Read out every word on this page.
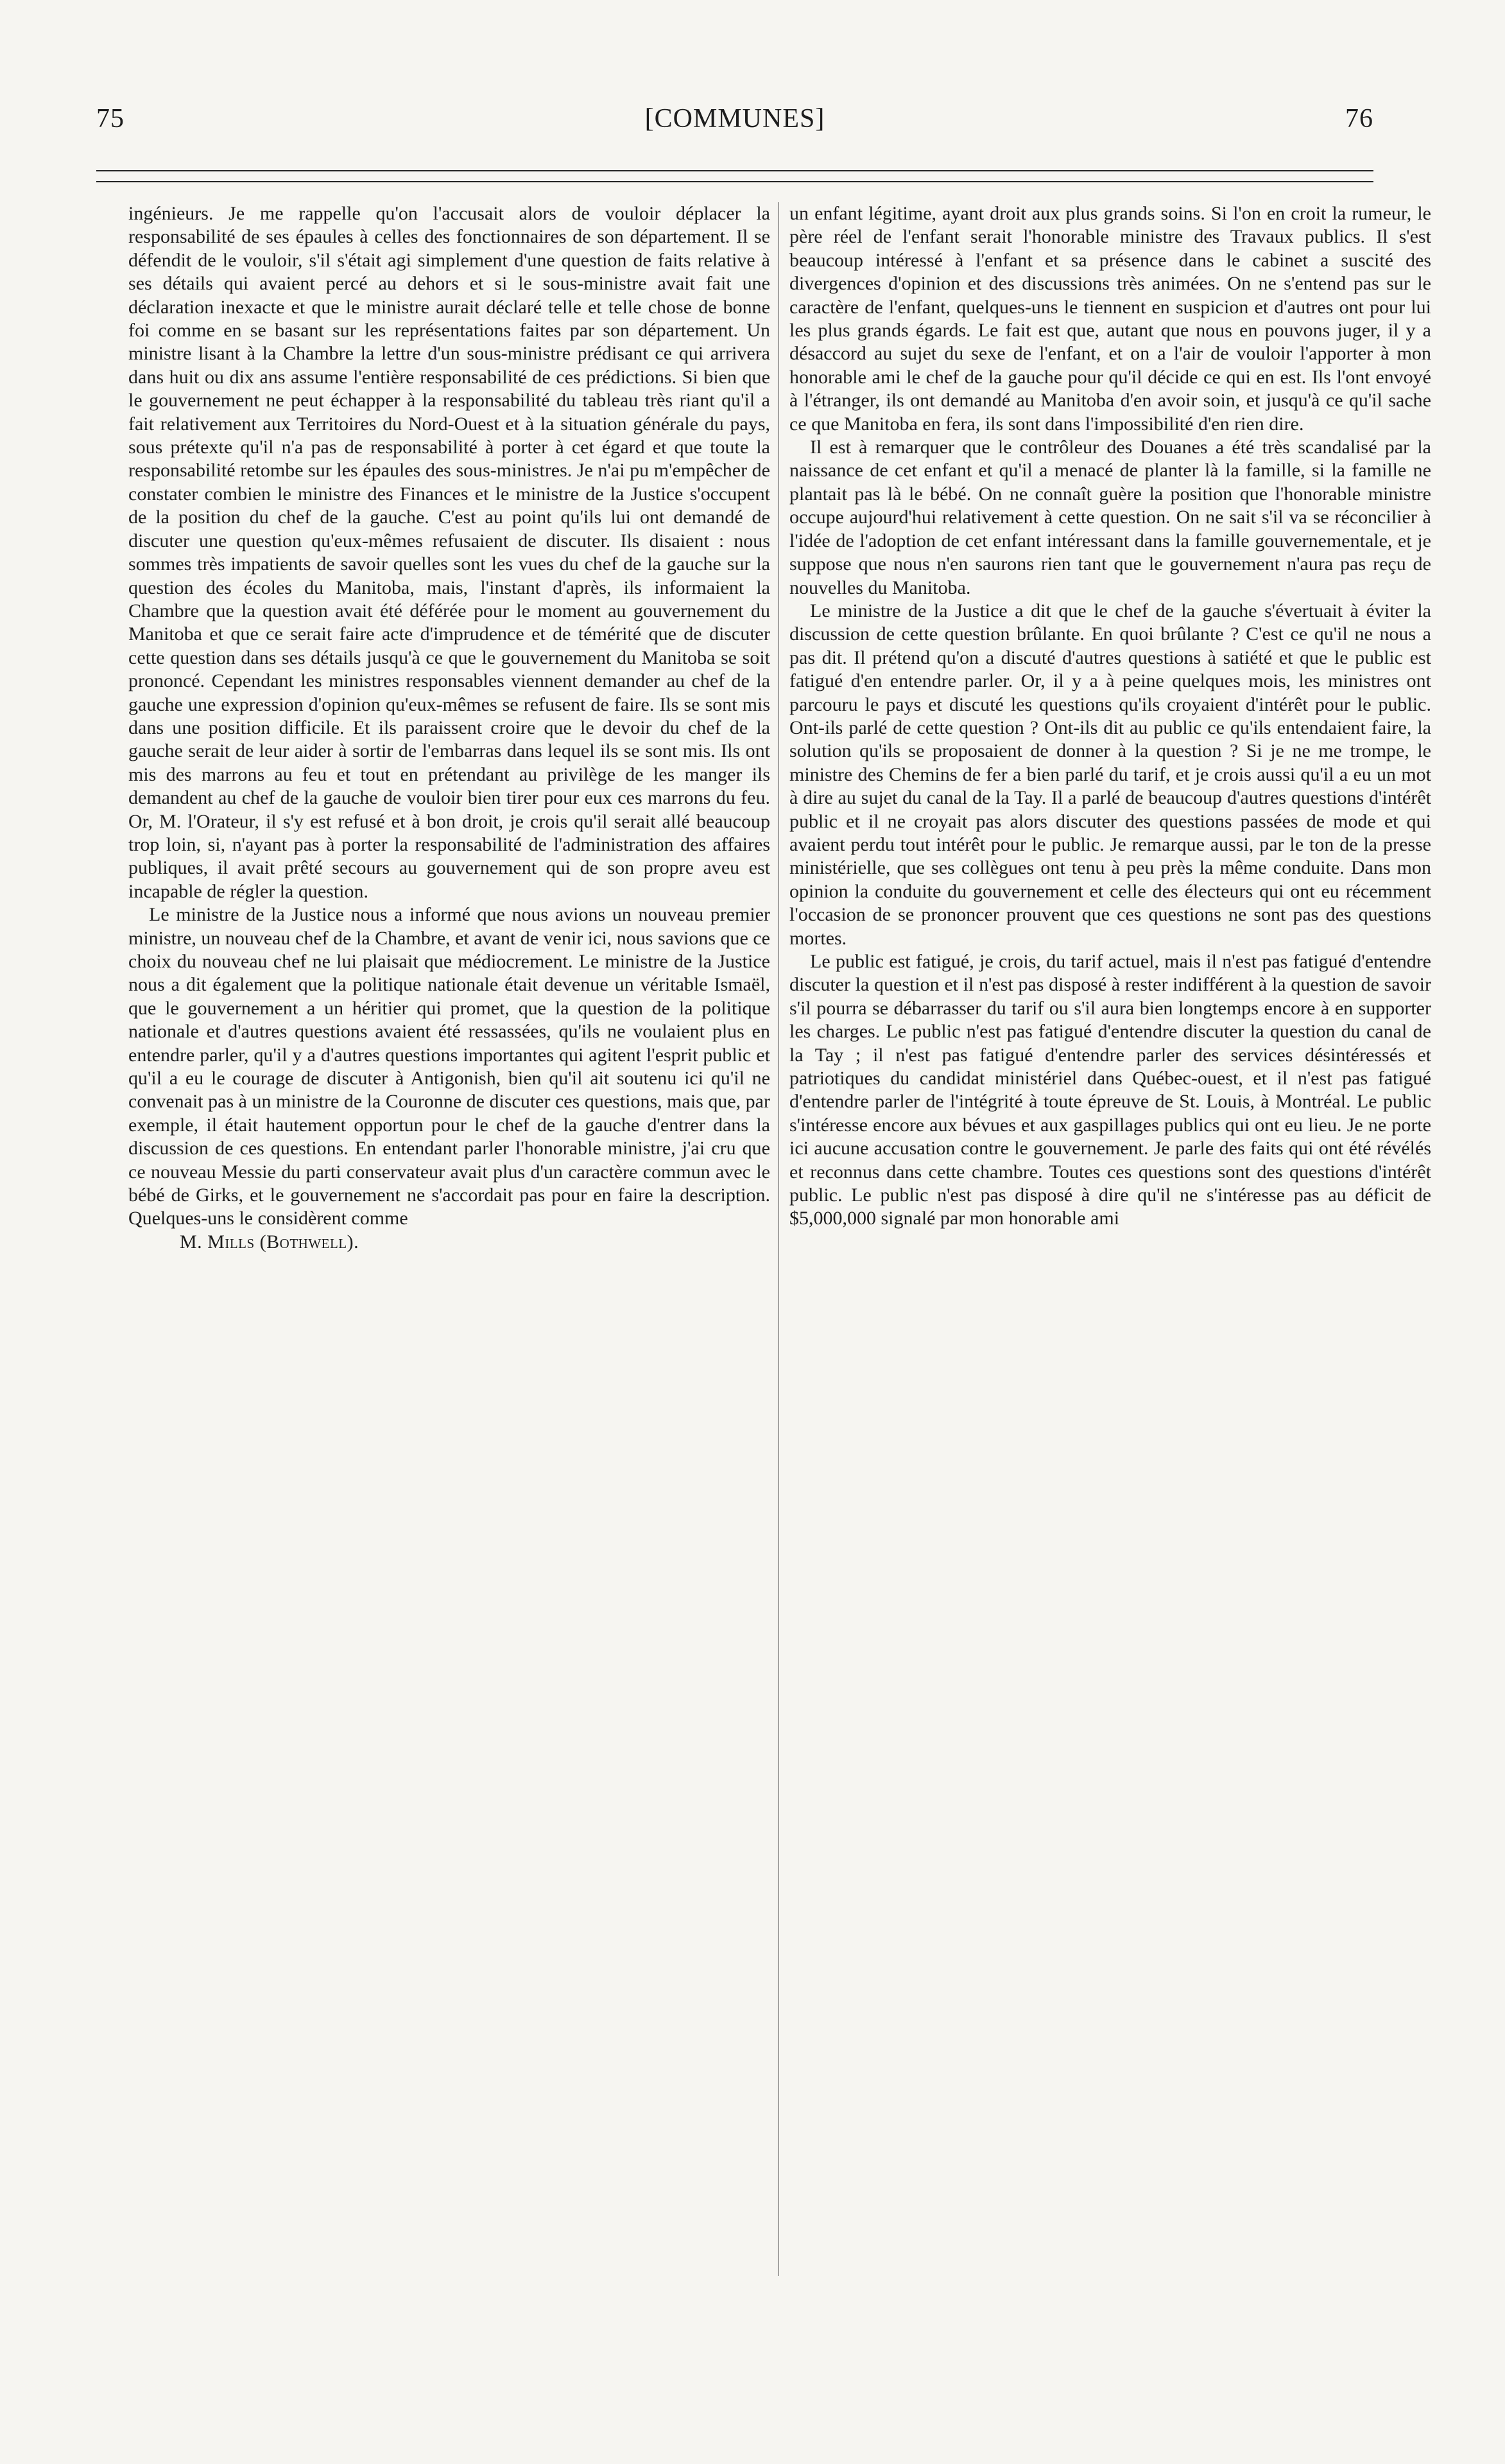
75	[COMMUNES]	76

ingénieurs. Je me rappelle qu'on l'accusait alors de vouloir déplacer la responsabilité de ses épaules à celles des fonctionnaires de son département. Il se défendit de le vouloir, s'il s'était agi simplement d'une question de faits relative à ses détails qui avaient percé au dehors et si le sous-ministre avait fait une déclaration inexacte et que le ministre aurait déclaré telle et telle chose de bonne foi comme en se basant sur les représentations faites par son département. Un ministre lisant à la Chambre la lettre d'un sous-ministre prédisant ce qui arrivera dans huit ou dix ans assume l'entière responsabilité de ces prédictions. Si bien que le gouvernement ne peut échapper à la responsabilité du tableau très riant qu'il a fait relativement aux Territoires du Nord-Ouest et à la situation générale du pays, sous prétexte qu'il n'a pas de responsabilité à porter à cet égard et que toute la responsabilité retombe sur les épaules des sous-ministres. Je n'ai pu m'empêcher de constater combien le ministre des Finances et le ministre de la Justice s'occupent de la position du chef de la gauche. C'est au point qu'ils lui ont demandé de discuter une question qu'eux-mêmes refusaient de discuter. Ils disaient : nous sommes très impatients de savoir quelles sont les vues du chef de la gauche sur la question des écoles du Manitoba, mais, l'instant d'après, ils informaient la Chambre que la question avait été déférée pour le moment au gouvernement du Manitoba et que ce serait faire acte d'imprudence et de témérité que de discuter cette question dans ses détails jusqu'à ce que le gouvernement du Manitoba se soit prononcé. Cependant les ministres responsables viennent demander au chef de la gauche une expression d'opinion qu'eux-mêmes se refusent de faire. Ils se sont mis dans une position difficile. Et ils paraissent croire que le devoir du chef de la gauche serait de leur aider à sortir de l'embarras dans lequel ils se sont mis. Ils ont mis des marrons au feu et tout en prétendant au privilège de les manger ils demandent au chef de la gauche de vouloir bien tirer pour eux ces marrons du feu. Or, M. l'Orateur, il s'y est refusé et à bon droit, je crois qu'il serait allé beaucoup trop loin, si, n'ayant pas à porter la responsabilité de l'administration des affaires publiques, il avait prêté secours au gouvernement qui de son propre aveu est incapable de régler la question.

Le ministre de la Justice nous a informé que nous avions un nouveau premier ministre, un nouveau chef de la Chambre, et avant de venir ici, nous savions que ce choix du nouveau chef ne lui plaisait que médiocrement. Le ministre de la Justice nous a dit également que la politique nationale était devenue un véritable Ismaël, que le gouvernement a un héritier qui promet, que la question de la politique nationale et d'autres questions avaient été ressassées, qu'ils ne voulaient plus en entendre parler, qu'il y a d'autres questions importantes qui agitent l'esprit public et qu'il a eu le courage de discuter à Antigonish, bien qu'il ait soutenu ici qu'il ne convenait pas à un ministre de la Couronne de discuter ces questions, mais que, par exemple, il était hautement opportun pour le chef de la gauche d'entrer dans la discussion de ces questions. En entendant parler l'honorable ministre, j'ai cru que ce nouveau Messie du parti conservateur avait plus d'un caractère commun avec le bébé de Girks, et le gouvernement ne s'accordait pas pour en faire la description. Quelques-uns le considèrent comme

M. Mills (Bothwell).

un enfant légitime, ayant droit aux plus grands soins. Si l'on en croit la rumeur, le père réel de l'enfant serait l'honorable ministre des Travaux publics. Il s'est beaucoup intéressé à l'enfant et sa présence dans le cabinet a suscité des divergences d'opinion et des discussions très animées. On ne s'entend pas sur le caractère de l'enfant, quelques-uns le tiennent en suspicion et d'autres ont pour lui les plus grands égards. Le fait est que, autant que nous en pouvons juger, il y a désaccord au sujet du sexe de l'enfant, et on a l'air de vouloir l'apporter à mon honorable ami le chef de la gauche pour qu'il décide ce qui en est. Ils l'ont envoyé à l'étranger, ils ont demandé au Manitoba d'en avoir soin, et jusqu'à ce qu'il sache ce que Manitoba en fera, ils sont dans l'impossibilité d'en rien dire.

Il est à remarquer que le contrôleur des Douanes a été très scandalisé par la naissance de cet enfant et qu'il a menacé de planter là la famille, si la famille ne plantait pas là le bébé. On ne connaît guère la position que l'honorable ministre occupe aujourd'hui relativement à cette question. On ne sait s'il va se réconcilier à l'idée de l'adoption de cet enfant intéressant dans la famille gouvernementale, et je suppose que nous n'en saurons rien tant que le gouvernement n'aura pas reçu de nouvelles du Manitoba.

Le ministre de la Justice a dit que le chef de la gauche s'évertuait à éviter la discussion de cette question brûlante. En quoi brûlante ? C'est ce qu'il ne nous a pas dit. Il prétend qu'on a discuté d'autres questions à satiété et que le public est fatigué d'en entendre parler. Or, il y a à peine quelques mois, les ministres ont parcouru le pays et discuté les questions qu'ils croyaient d'intérêt pour le public. Ont-ils parlé de cette question ? Ont-ils dit au public ce qu'ils entendaient faire, la solution qu'ils se proposaient de donner à la question ? Si je ne me trompe, le ministre des Chemins de fer a bien parlé du tarif, et je crois aussi qu'il a eu un mot à dire au sujet du canal de la Tay. Il a parlé de beaucoup d'autres questions d'intérêt public et il ne croyait pas alors discuter des questions passées de mode et qui avaient perdu tout intérêt pour le public. Je remarque aussi, par le ton de la presse ministérielle, que ses collègues ont tenu à peu près la même conduite. Dans mon opinion la conduite du gouvernement et celle des électeurs qui ont eu récemment l'occasion de se prononcer prouvent que ces questions ne sont pas des questions mortes.

Le public est fatigué, je crois, du tarif actuel, mais il n'est pas fatigué d'entendre discuter la question et il n'est pas disposé à rester indifférent à la question de savoir s'il pourra se débarrasser du tarif ou s'il aura bien longtemps encore à en supporter les charges. Le public n'est pas fatigué d'entendre discuter la question du canal de la Tay ; il n'est pas fatigué d'entendre parler des services désintéressés et patriotiques du candidat ministériel dans Québec-ouest, et il n'est pas fatigué d'entendre parler de l'intégrité à toute épreuve de St. Louis, à Montréal. Le public s'intéresse encore aux bévues et aux gaspillages publics qui ont eu lieu. Je ne porte ici aucune accusation contre le gouvernement. Je parle des faits qui ont été révélés et reconnus dans cette chambre. Toutes ces questions sont des questions d'intérêt public. Le public n'est pas disposé à dire qu'il ne s'intéresse pas au déficit de $5,000,000 signalé par mon honorable ami
